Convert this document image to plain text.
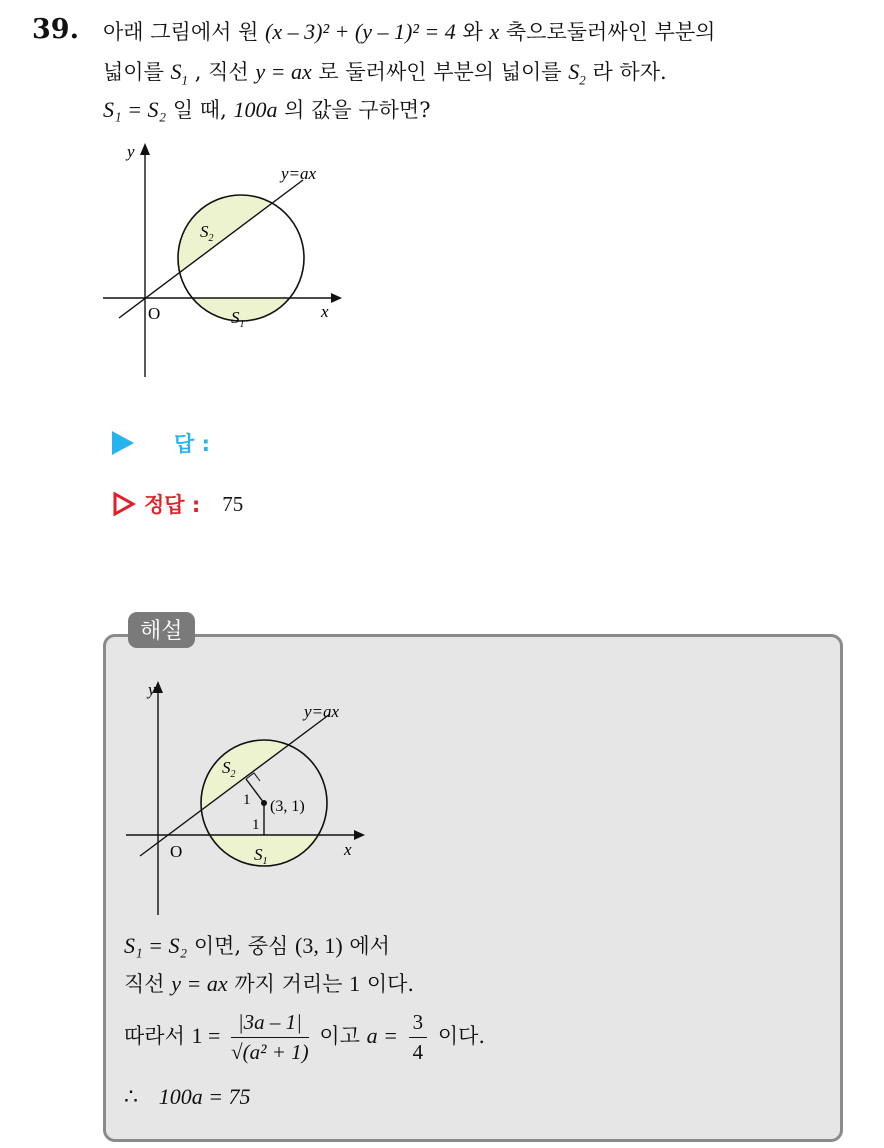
39. 아래 그림에서 원 (x – 3)² + (y – 1)² = 4 와 x 축으로둘러싸인 부분의
넓이를 $S_1$ , 직선 y = ax 로 둘러싸인 부분의 넓이를 $S_2$ 라 하자.
S₁ = S₂ 일 때, 100a 의 값을 구하면?
y
x
O
y=ax
$S_2$
$S_1$
답 :
정답 : 75
해설
y
x
O
y=ax
$S_2$
$S_1$
(3, 1)
1
1
S₁ = S₂ 이면, 중심 (3, 1) 에서
직선 y = ax 까지 거리는 1 이다.
따라서 $1 = \frac{|3a - 1|}{\text{√(a² + 1)}}$ 이고 $a = \frac{3}{4}$ 이다.
∴ 100a = 75
